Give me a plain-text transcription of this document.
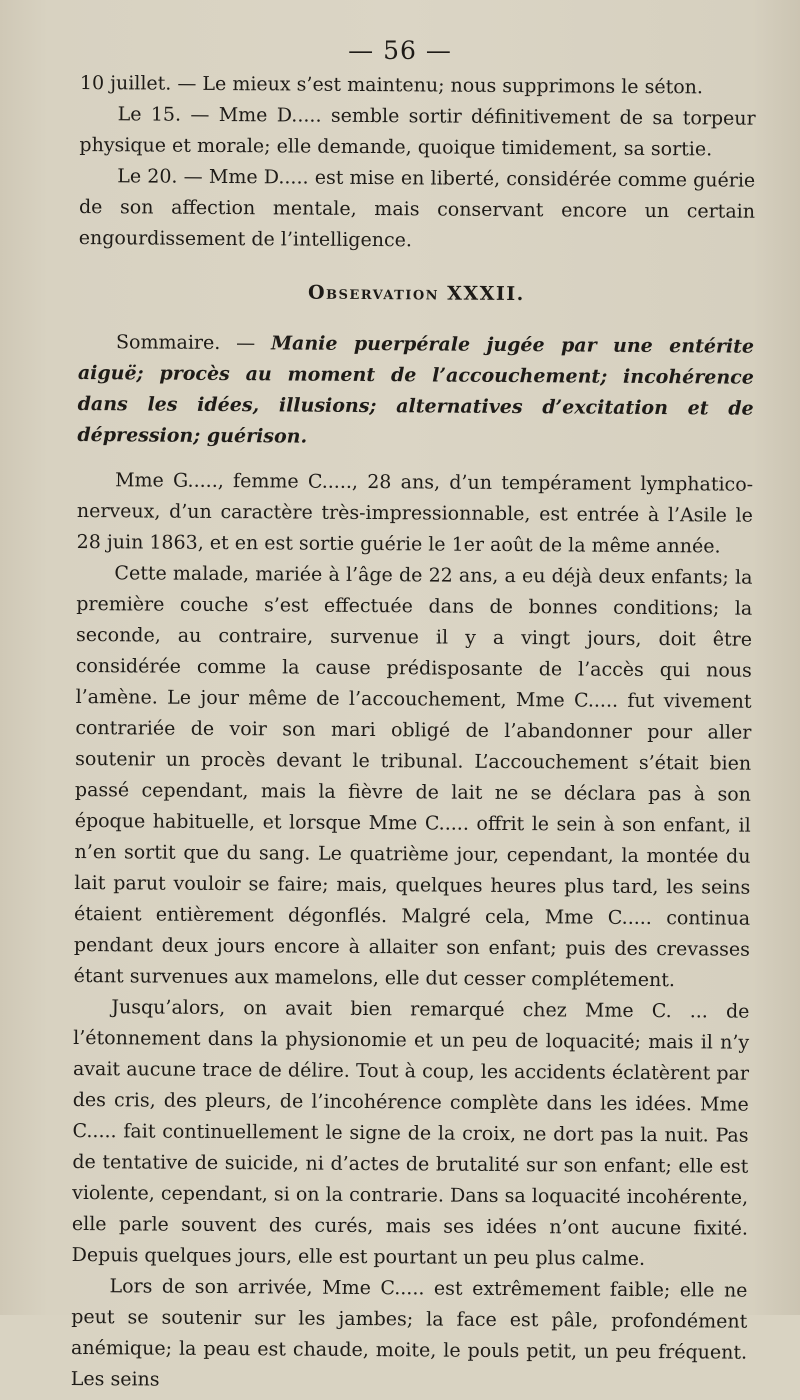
— 56 —

10 juillet. — Le mieux s’est maintenu; nous supprimons le séton.

Le 15. — Mme D..... semble sortir définitivement de sa torpeur physique et morale; elle demande, quoique timidement, sa sortie.

Le 20. — Mme D..... est mise en liberté, considérée comme guérie de son affection mentale, mais conservant encore un certain engourdissement de l’intelligence.

Observation XXXII.

Sommaire. — Manie puerpérale jugée par une entérite aiguë; procès au moment de l’accouchement; incohérence dans les idées, illusions; alternatives d’excitation et de dépression; guérison.

Mme G....., femme C....., 28 ans, d’un tempérament lymphatico-nerveux, d’un caractère très-impressionnable, est entrée à l’Asile le 28 juin 1863, et en est sortie guérie le 1er août de la même année.

Cette malade, mariée à l’âge de 22 ans, a eu déjà deux enfants; la première couche s’est effectuée dans de bonnes conditions; la seconde, au contraire, survenue il y a vingt jours, doit être considérée comme la cause prédisposante de l’accès qui nous l’amène. Le jour même de l’accouchement, Mme C..... fut vivement contrariée de voir son mari obligé de l’abandonner pour aller soutenir un procès devant le tribunal. L’accouchement s’était bien passé cependant, mais la fièvre de lait ne se déclara pas à son époque habituelle, et lorsque Mme C..... offrit le sein à son enfant, il n’en sortit que du sang. Le quatrième jour, cependant, la montée du lait parut vouloir se faire; mais, quelques heures plus tard, les seins étaient entièrement dégonflés. Malgré cela, Mme C..... continua pendant deux jours encore à allaiter son enfant; puis des crevasses étant survenues aux mamelons, elle dut cesser complétement.

Jusqu’alors, on avait bien remarqué chez Mme C. ... de l’étonnement dans la physionomie et un peu de loquacité; mais il n’y avait aucune trace de délire. Tout à coup, les accidents éclatèrent par des cris, des pleurs, de l’incohérence complète dans les idées. Mme C..... fait continuellement le signe de la croix, ne dort pas la nuit. Pas de tentative de suicide, ni d’actes de brutalité sur son enfant; elle est violente, cependant, si on la contrarie. Dans sa loquacité incohérente, elle parle souvent des curés, mais ses idées n’ont aucune fixité. Depuis quelques jours, elle est pourtant un peu plus calme.

Lors de son arrivée, Mme C..... est extrêmement faible; elle ne peut se soutenir sur les jambes; la face est pâle, profondément anémique; la peau est chaude, moite, le pouls petit, un peu fréquent. Les seins
